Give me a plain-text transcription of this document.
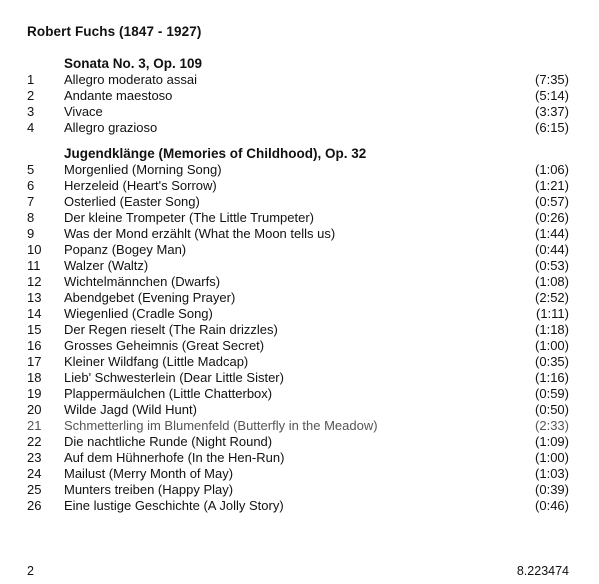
Robert Fuchs (1847 - 1927)
Sonata No. 3, Op. 109
1 Allegro moderato assai	(7:35)
2 Andante maestoso	(5:14)
3 Vivace	(3:37)
4 Allegro grazioso	(6:15)
Jugendklänge (Memories of Childhood), Op. 32
5 Morgenlied (Morning Song)	(1:06)
6 Herzeleid (Heart's Sorrow)	(1:21)
7 Osterlied (Easter Song)	(0:57)
8 Der kleine Trompeter (The Little Trumpeter)	(0:26)
9 Was der Mond erzählt (What the Moon tells us)	(1:44)
10 Popanz (Bogey Man)	(0:44)
11 Walzer (Waltz)	(0:53)
12 Wichtelmännchen (Dwarfs)	(1:08)
13 Abendgebet (Evening Prayer)	(2:52)
14 Wiegenlied (Cradle Song)	(1:11)
15 Der Regen rieselt (The Rain drizzles)	(1:18)
16 Grosses Geheimnis (Great Secret)	(1:00)
17 Kleiner Wildfang (Little Madcap)	(0:35)
18 Lieb' Schwesterlein (Dear Little Sister)	(1:16)
19 Plappermäulchen (Little Chatterbox)	(0:59)
20 Wilde Jagd (Wild Hunt)	(0:50)
21 Schmetterling im Blumenfeld (Butterfly in the Meadow)	(2:33)
22 Die nachtliche Runde (Night Round)	(1:09)
23 Auf dem Hühnerhofe (In the Hen-Run)	(1:00)
24 Mailust (Merry Month of May)	(1:03)
25 Munters treiben (Happy Play)	(0:39)
26 Eine lustige Geschichte (A Jolly Story)	(0:46)
2	8.223474
